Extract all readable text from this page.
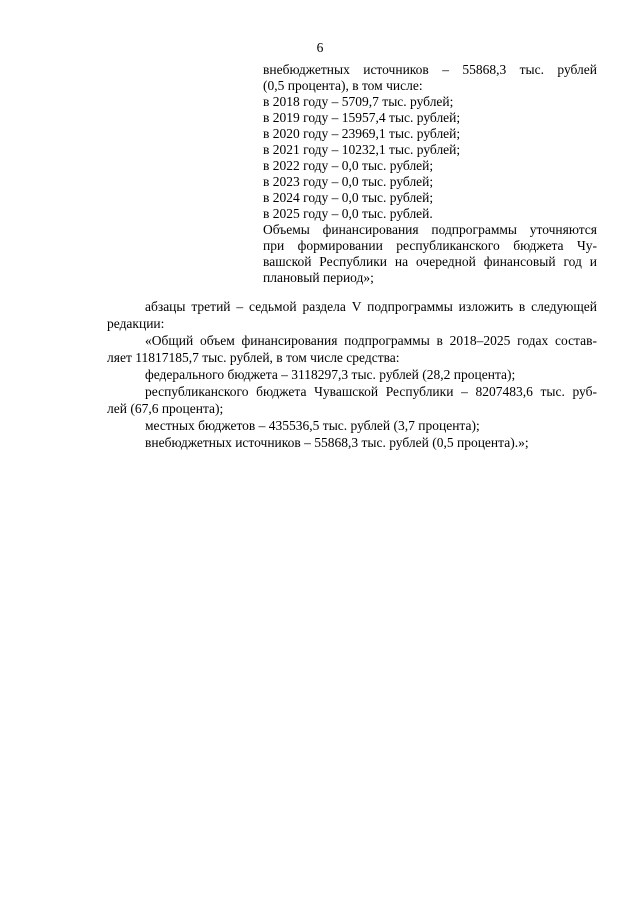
6
внебюджетных источников – 55868,3 тыс. рублей
(0,5 процента), в том числе:
в 2018 году – 5709,7 тыс. рублей;
в 2019 году – 15957,4 тыс. рублей;
в 2020 году – 23969,1 тыс. рублей;
в 2021 году – 10232,1 тыс. рублей;
в 2022 году – 0,0 тыс. рублей;
в 2023 году – 0,0 тыс. рублей;
в 2024 году – 0,0 тыс. рублей;
в 2025 году – 0,0 тыс. рублей.
Объемы финансирования подпрограммы уточняются
при формировании республиканского бюджета Чу-
вашской Республики на очередной финансовый год и
плановый период»;
абзацы третий – седьмой раздела V подпрограммы изложить в следующей
редакции:
«Общий объем финансирования подпрограммы в 2018–2025 годах состав-
ляет 11817185,7 тыс. рублей, в том числе средства:
федерального бюджета – 3118297,3 тыс. рублей (28,2 процента);
республиканского бюджета Чувашской Республики – 8207483,6 тыс. руб-
лей (67,6 процента);
местных бюджетов – 435536,5 тыс. рублей (3,7 процента);
внебюджетных источников – 55868,3 тыс. рублей (0,5 процента).»;
